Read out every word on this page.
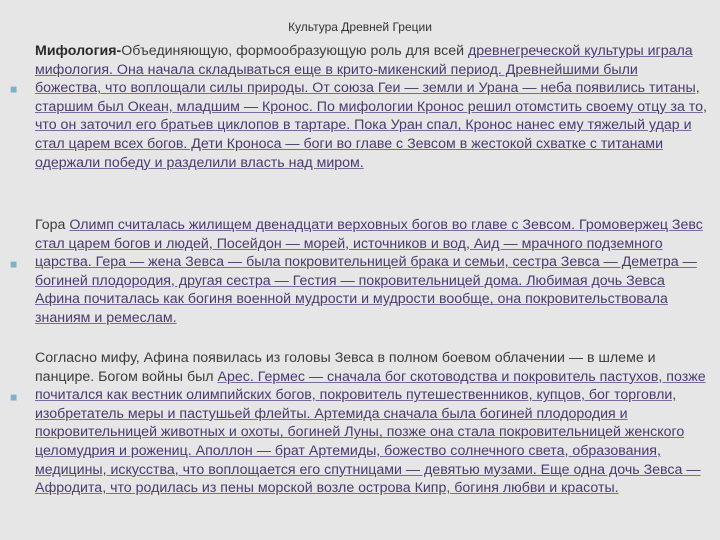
Культура Древней Греции
◼
Мифология-Объединяющую, формообразующую роль для всей древнегреческой культуры играла мифология. Она начала складываться еще в крито-микенский период. Древнейшими были божества, что воплощали силы природы. От союза Геи — земли и Урана — неба появились титаны, старшим был Океан, младшим — Кронос. По мифологии Кронос решил отомстить своему отцу за то, что он заточил его братьев циклопов в тартаре. Пока Уран спал, Кронос нанес ему тяжелый удар и стал царем всех богов. Дети Кроноса — боги во главе с Зевсом в жестокой схватке с титанами одержали победу и разделили власть над миром.
◼
Гора Олимп считалась жилищем двенадцати верховных богов во главе с Зевсом. Громовержец Зевс стал царем богов и людей, Посейдон — морей, источников и вод, Аид — мрачного подземного царства. Гера — жена Зевса — была покровительницей брака и семьи, сестра Зевса — Деметра — богиней плодородия, другая сестра — Гестия — покровительницей дома. Любимая дочь Зевса Афина почиталась как богиня военной мудрости и мудрости вообще, она покровительствовала знаниям и ремеслам.
◼
Согласно мифу, Афина появилась из головы Зевса в полном боевом облачении — в шлеме и панцире. Богом войны был Арес. Гермес — сначала бог скотоводства и покровитель пастухов, позже почитался как вестник олимпийских богов, покровитель путешественников, купцов, бог торговли, изобретатель меры и пастушьей флейты. Артемида сначала была богиней плодородия и покровительницей животных и охоты, богиней Луны, позже она стала покровительницей женского целомудрия и рожениц. Аполлон — брат Артемиды, божество солнечного света, образования, медицины, искусства, что воплощается его спутницами — девятью музами. Еще одна дочь Зевса — Афродита, что родилась из пены морской возле острова Кипр, богиня любви и красоты.
